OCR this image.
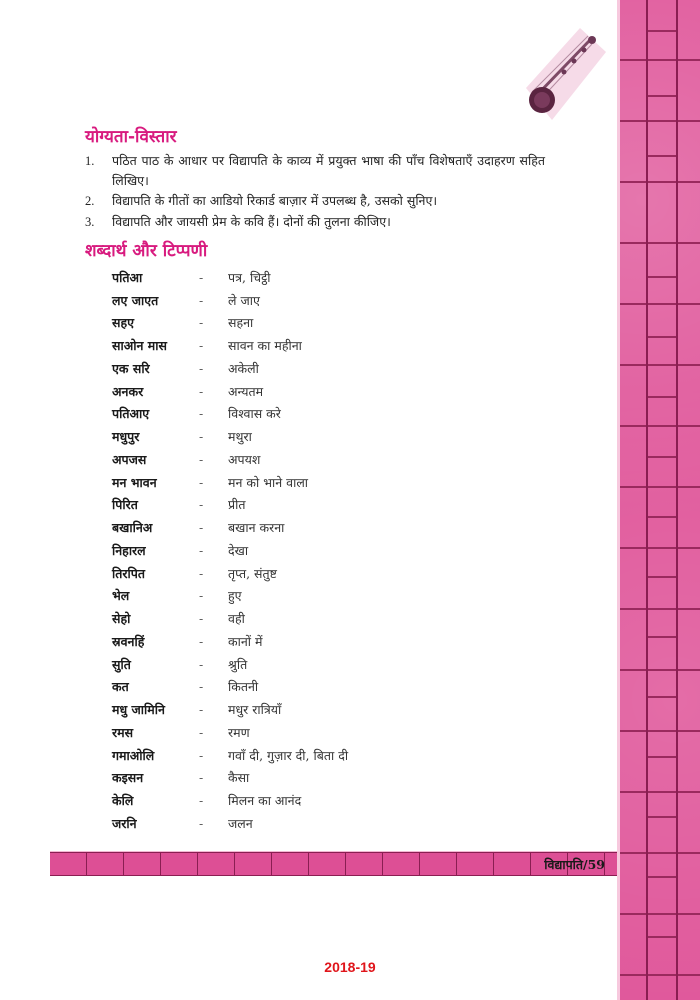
योग्यता-विस्तार
1.	पठित पाठ के आधार पर विद्यापति के काव्य में प्रयुक्त भाषा की पाँच विशेषताएँ उदाहरण सहित लिखिए।
2.	विद्यापति के गीतों का आडियो रिकार्ड बाज़ार में उपलब्ध है, उसको सुनिए।
3.	विद्यापति और जायसी प्रेम के कवि हैं। दोनों की तुलना कीजिए।
शब्दार्थ और टिप्पणी
पतिआ	-	पत्र, चिट्ठी
लए जाएत	-	ले जाए
सहए	-	सहना
साओन मास	-	सावन का महीना
एक सरि	-	अकेली
अनकर	-	अन्यतम
पतिआए	-	विश्वास करे
मधुपुर	-	मथुरा
अपजस	-	अपयश
मन भावन	-	मन को भाने वाला
पिरित	-	प्रीत
बखानिअ	-	बखान करना
निहारल	-	देखा
तिरपित	-	तृप्त, संतुष्ट
भेल	-	हुए
सेहो	-	वही
स्रवनहिं	-	कानों में
सुति	-	श्रुति
कत	-	कितनी
मधु जामिनि	-	मधुर रात्रियाँ
रमस	-	रमण
गमाओलि	-	गवाँ दी, गुज़ार दी, बिता दी
कइसन	-	कैसा
केलि	-	मिलन का आनंद
जरनि	-	जलन
विद्यापति/59
2018-19
